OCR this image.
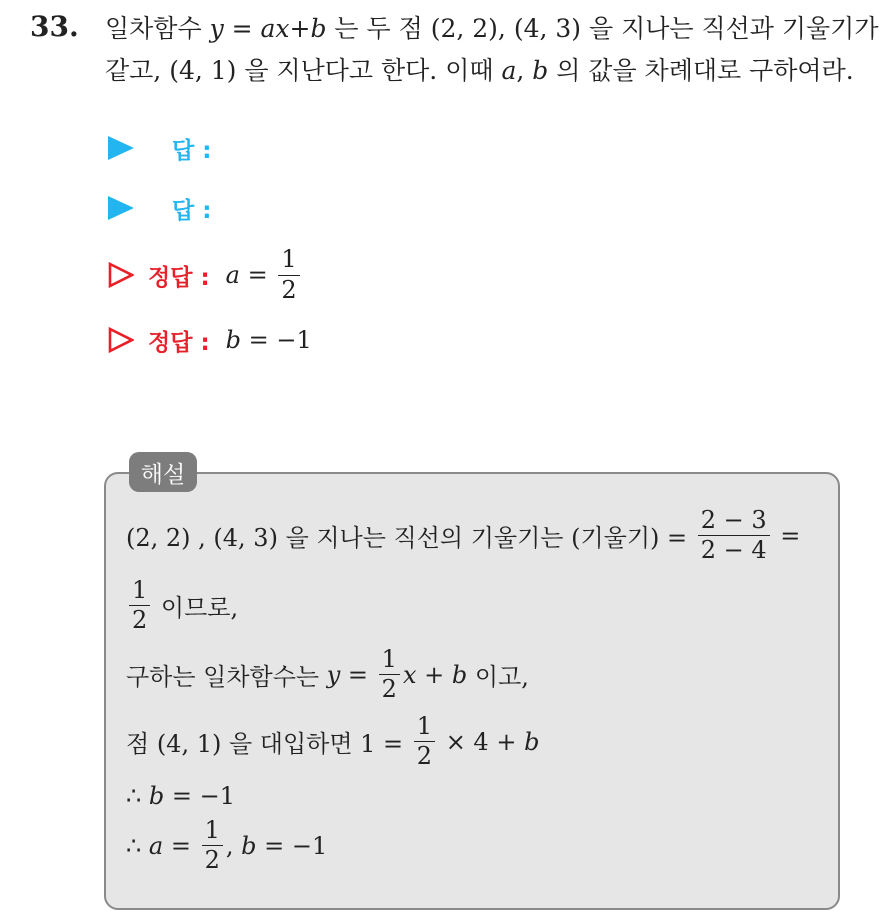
33. 일차함수 y = ax+b 는 두 점 (2, 2), (4, 3) 을 지나는 직선과 기울기가
같고, (4, 1) 을 지난다고 한다. 이때 a, b 의 값을 차례대로 구하여라.
답 :
답 :
정답 : $a = \frac{1}{2}$
정답 : b = −1
해설
(2, 2) , (4, 3) 을 지나는 직선의 기울기는 (기울기) = $\frac{2 - 3}{2 - 4}$ =
$\frac{1}{2}$ 이므로,
구하는 일차함수는 $y = \frac{1}{2}$ x + b 이고,
점 (4, 1) 을 대입하면 $1 = \frac{1}{2} \times 4 + b$
∴ b = −1
∴ $a = \frac{1}{2}$ , b = −1
